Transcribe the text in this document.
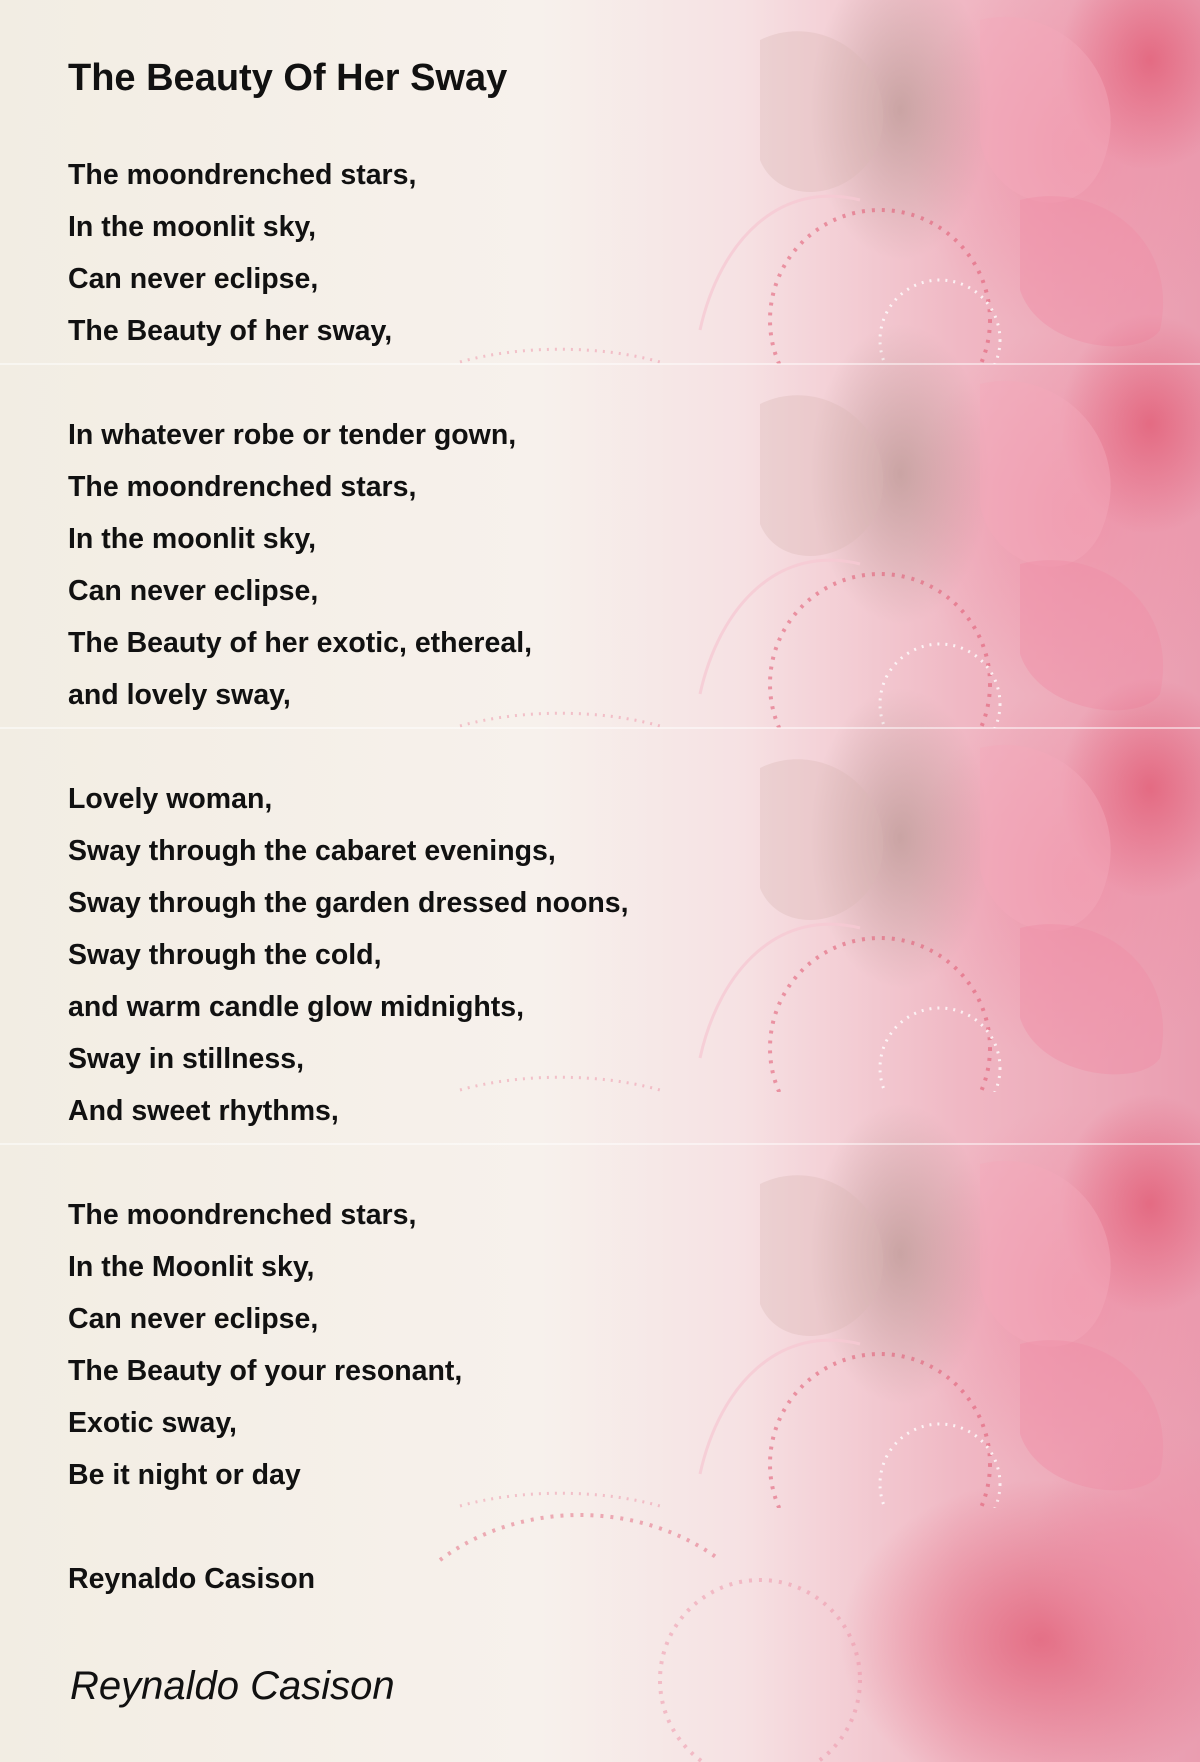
The Beauty Of Her Sway
The moondrenched stars,
In the moonlit sky,
Can never eclipse,
The Beauty of her sway,
In whatever robe or tender gown,
The moondrenched stars,
In the moonlit sky,
Can never eclipse,
The Beauty of her exotic, ethereal,
and lovely sway,
Lovely woman,
Sway through the cabaret evenings,
Sway through the garden dressed noons,
Sway through the cold,
and warm candle glow midnights,
Sway in stillness,
And sweet rhythms,
The moondrenched stars,
In the Moonlit sky,
Can never eclipse,
The Beauty of your resonant,
Exotic sway,
Be it night or day
Reynaldo Casison
Reynaldo Casison
